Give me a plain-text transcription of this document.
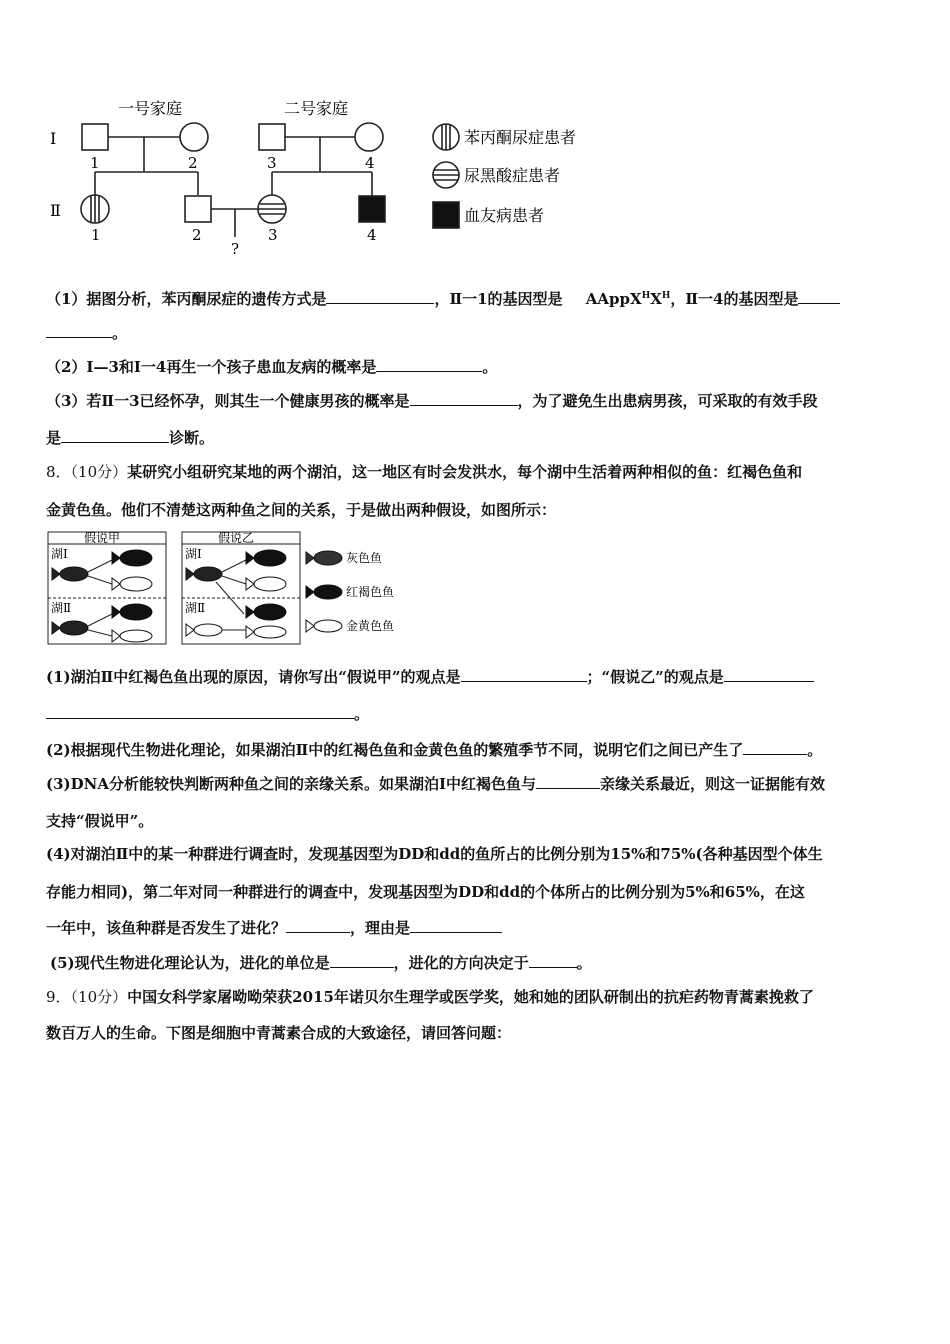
一号家庭	二号家庭
Ⅰ
Ⅱ
1	2	3	4
1	2	3	4
?
苯丙酮尿症患者
尿黑酸症患者
血友病患者
（1）据图分析，苯丙酮尿症的遗传方式是	，Ⅱ一1的基因型是 $AAppX^HX^H$，Ⅱ一4的基因型是
。
（2）Ⅰ—3和Ⅰ一4再生一个孩子患血友病的概率是	。
（3）若Ⅱ一3已经怀孕，则其生一个健康男孩的概率是	，为了避免生出患病男孩，可采取的有效手段
是	诊断。
8．（10分）某研究小组研究某地的两个湖泊，这一地区有时会发洪水，每个湖中生活着两种相似的鱼：红褐色鱼和
金黄色鱼。他们不清楚这两种鱼之间的关系，于是做出两种假设，如图所示：
假说甲	假说乙
湖Ⅰ
湖Ⅱ
湖Ⅰ
湖Ⅱ
灰色鱼
红褐色鱼
金黄色鱼
(1)湖泊Ⅱ中红褐色鱼出现的原因，请你写出“假说甲”的观点是	；“假说乙”的观点是
。
(2)根据现代生物进化理论，如果湖泊Ⅱ中的红褐色鱼和金黄色鱼的繁殖季节不同，说明它们之间已产生了	。
(3)DNA分析能较快判断两种鱼之间的亲缘关系。如果湖泊Ⅰ中红褐色鱼与	亲缘关系最近，则这一证据能有效
支持“假说甲”。
(4)对湖泊Ⅱ中的某一种群进行调查时，发现基因型为DD和dd的鱼所占的比例分别为15%和75%(各种基因型个体生
存能力相同)，第二年对同一种群进行的调查中，发现基因型为DD和dd的个体所占的比例分别为5%和65%，在这
一年中，该鱼种群是否发生了进化？	，理由是
(5)现代生物进化理论认为，进化的单位是	，进化的方向决定于	。
9．（10分）中国女科学家屠呦呦荣获2015年诺贝尔生理学或医学奖，她和她的团队研制出的抗疟药物青蒿素挽救了
数百万人的生命。下图是细胞中青蒿素合成的大致途径，请回答问题：
